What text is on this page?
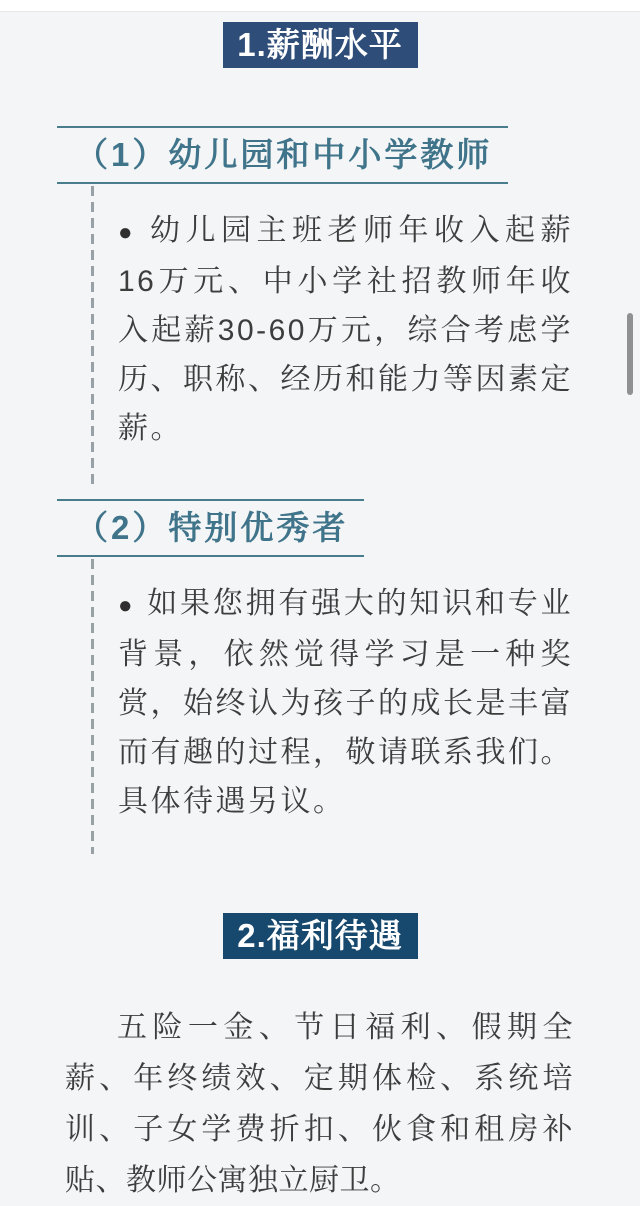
1.薪酬水平
（1）幼儿园和中小学教师

● 幼儿园主班老师年收入起薪16万元、中小学社招教师年收入起薪30-60万元，综合考虑学历、职称、经历和能力等因素定薪。

（2）特别优秀者

● 如果您拥有强大的知识和专业背景，依然觉得学习是一种奖赏，始终认为孩子的成长是丰富而有趣的过程，敬请联系我们。具体待遇另议。

2.福利待遇

五险一金、节日福利、假期全薪、年终绩效、定期体检、系统培训、子女学费折扣、伙食和租房补贴、教师公寓独立厨卫。
